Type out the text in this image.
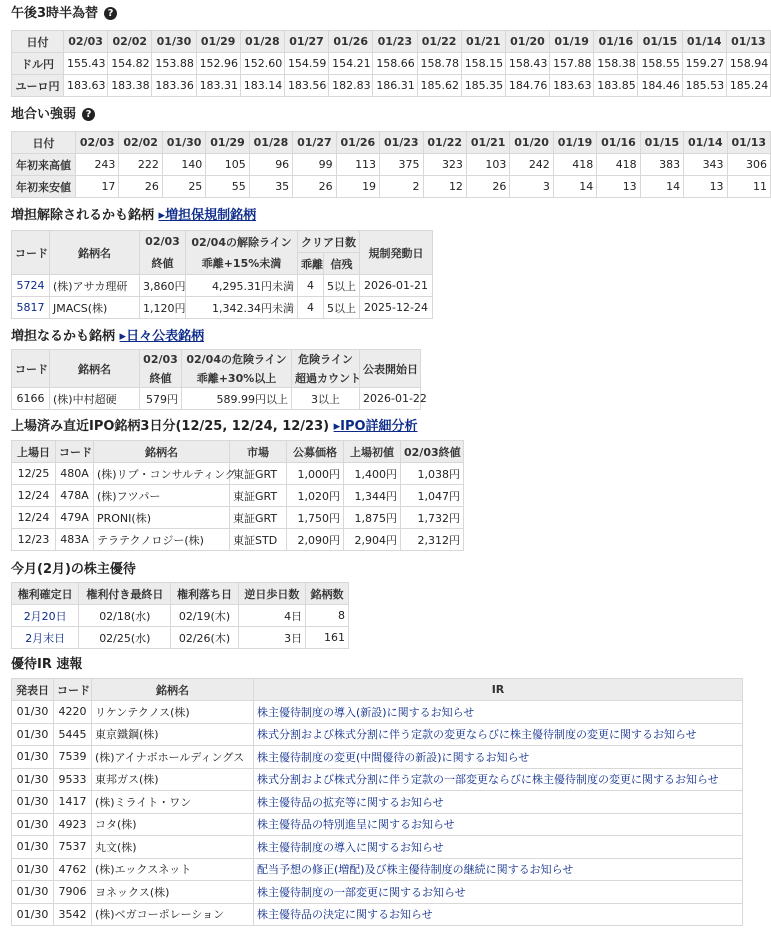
午後3時半為替 ?
日付	02/03	02/02	01/30	01/29	01/28	01/27	01/26	01/23	01/22	01/21	01/20	01/19	01/16	01/15	01/14	01/13
ドル円	155.43	154.82	153.88	152.96	152.60	154.59	154.21	158.66	158.78	158.15	158.43	157.88	158.38	158.55	159.27	158.94
ユーロ円	183.63	183.38	183.36	183.31	183.14	183.56	182.83	186.31	185.62	185.35	184.76	183.63	183.85	184.46	185.53	185.24
地合い強弱 ?
日付	02/03	02/02	01/30	01/29	01/28	01/27	01/26	01/23	01/22	01/21	01/20	01/19	01/16	01/15	01/14	01/13
年初来高値	243	222	140	105	96	99	113	375	323	103	242	418	418	383	343	306
年初来安値	17	26	25	55	35	26	19	2	12	26	3	14	13	14	13	11
増担解除されるかも銘柄 ▸増担保規制銘柄
コード	銘柄名	02/03	02/04の解除ライン	クリア日数		規制発動日
		終値	乖離+15%未満	乖離	信残	
5724	(株)アサカ理研	3,860円	4,295.31円未満	4	5以上	2026-01-21
5817	JMACS(株)	1,120円	1,342.34円未満	4	5以上	2025-12-24
増担なるかも銘柄 ▸日々公表銘柄
コード	銘柄名	02/03	02/04の危険ライン	危険ライン	公表開始日
		終値	乖離+30%以上	超過カウント	
6166	(株)中村超硬	579円	589.99円以上	3以上	2026-01-22
上場済み直近IPO銘柄3日分(12/25, 12/24, 12/23) ▸IPO詳細分析
上場日	コード	銘柄名	市場	公募価格	上場初値	02/03終値
12/25	480A	(株)リブ・コンサルティング	東証GRT	1,000円	1,400円	1,038円
12/24	478A	(株)フツパー	東証GRT	1,020円	1,344円	1,047円
12/24	479A	PRONI(株)	東証GRT	1,750円	1,875円	1,732円
12/23	483A	テラテクノロジー(株)	東証STD	2,090円	2,904円	2,312円
今月(2月)の株主優待
権利確定日	権利付き最終日	権利落ち日	逆日歩日数	銘柄数
2月20日	02/18(水)	02/19(木)	4日	8
2月末日	02/25(水)	02/26(木)	3日	161
優待IR 速報
発表日	コード	銘柄名	IR
01/30	4220	リケンテクノス(株)	株主優待制度の導入(新設)に関するお知らせ
01/30	5445	東京鐵鋼(株)	株式分割および株式分割に伴う定款の変更ならびに株主優待制度の変更に関するお知らせ
01/30	7539	(株)アイナボホールディングス	株主優待制度の変更(中間優待の新設)に関するお知らせ
01/30	9533	東邦ガス(株)	株式分割および株式分割に伴う定款の一部変更ならびに株主優待制度の変更に関するお知らせ
01/30	1417	(株)ミライト・ワン	株主優待品の拡充等に関するお知らせ
01/30	4923	コタ(株)	株主優待品の特別進呈に関するお知らせ
01/30	7537	丸文(株)	株主優待制度の導入に関するお知らせ
01/30	4762	(株)エックスネット	配当予想の修正(増配)及び株主優待制度の継続に関するお知らせ
01/30	7906	ヨネックス(株)	株主優待制度の一部変更に関するお知らせ
01/30	3542	(株)ベガコーポレーション	株主優待品の決定に関するお知らせ
